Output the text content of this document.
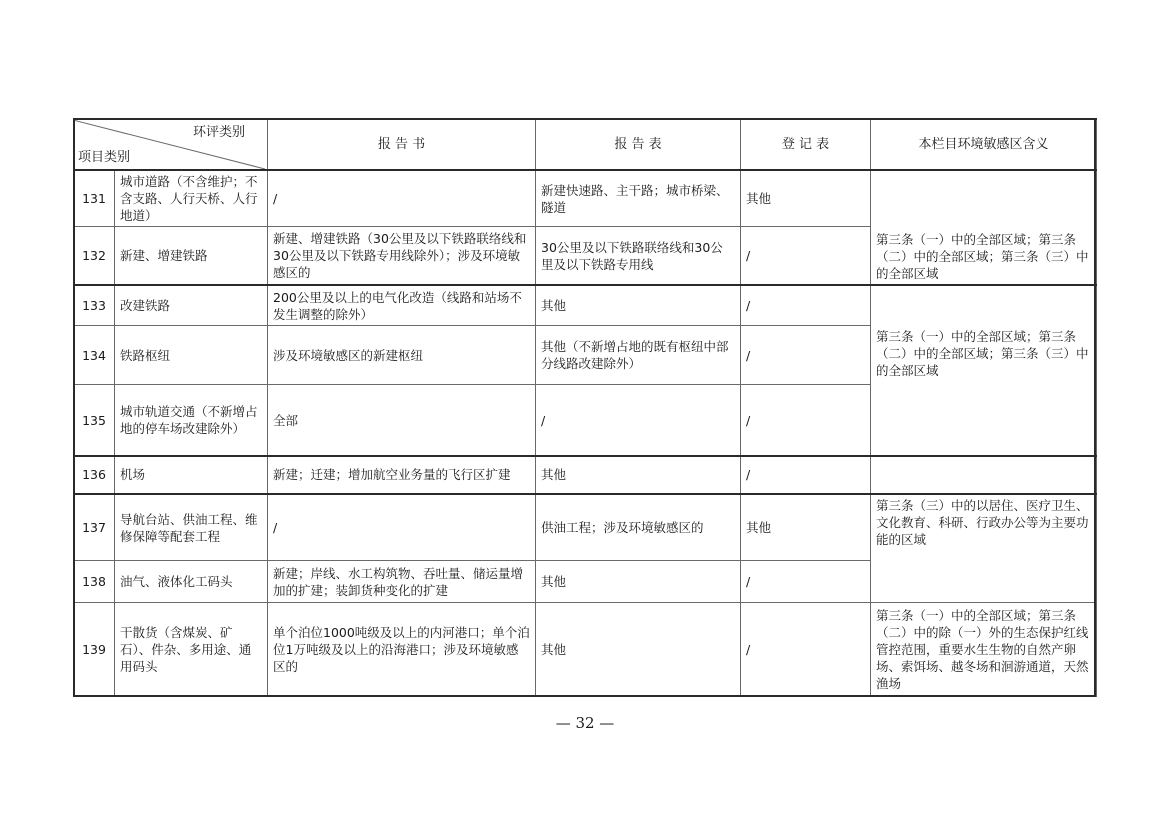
环评类别
项目类别		报 告 书	报 告 表	登 记 表	本栏目环境敏感区含义
131	城市道路（不含维护；不含支路、人行天桥、人行地道）	/	新建快速路、主干路；城市桥梁、隧道	其他	第三条（一）中的全部区域；第三条（二）中的全部区域；第三条（三）中的全部区域

132	新建、增建铁路	新建、增建铁路（30公里及以下铁路联络线和30公里及以下铁路专用线除外）；涉及环境敏感区的	30公里及以下铁路联络线和30公里及以下铁路专用线	/	
133	改建铁路	200公里及以上的电气化改造（线路和站场不发生调整的除外）	其他	/	第三条（一）中的全部区域；第三条（二）中的全部区域；第三条（三）中的全部区域

134	铁路枢纽	涉及环境敏感区的新建枢纽	其他（不新增占地的既有枢纽中部分线路改建除外）	/	
135	城市轨道交通（不新增占地的停车场改建除外）	全部	/	/	
136	机场	新建；迁建；增加航空业务量的飞行区扩建	其他	/	
137	导航台站、供油工程、维修保障等配套工程	/	供油工程；涉及环境敏感区的	其他	第三条（三）中的以居住、医疗卫生、文化教育、科研、行政办公等为主要功能的区域

138	油气、液体化工码头	新建；岸线、水工构筑物、吞吐量、储运量增加的扩建；装卸货种变化的扩建	其他	/	
139	干散货（含煤炭、矿石）、件杂、多用途、通用码头	单个泊位1000吨级及以上的内河港口；单个泊位1万吨级及以上的沿海港口；涉及环境敏感区的	其他	/	第三条（一）中的全部区域；第三条（二）中的除（一）外的生态保护红线管控范围，重要水生生物的自然产卵场、索饵场、越冬场和洄游通道，天然渔场
— 32 —
